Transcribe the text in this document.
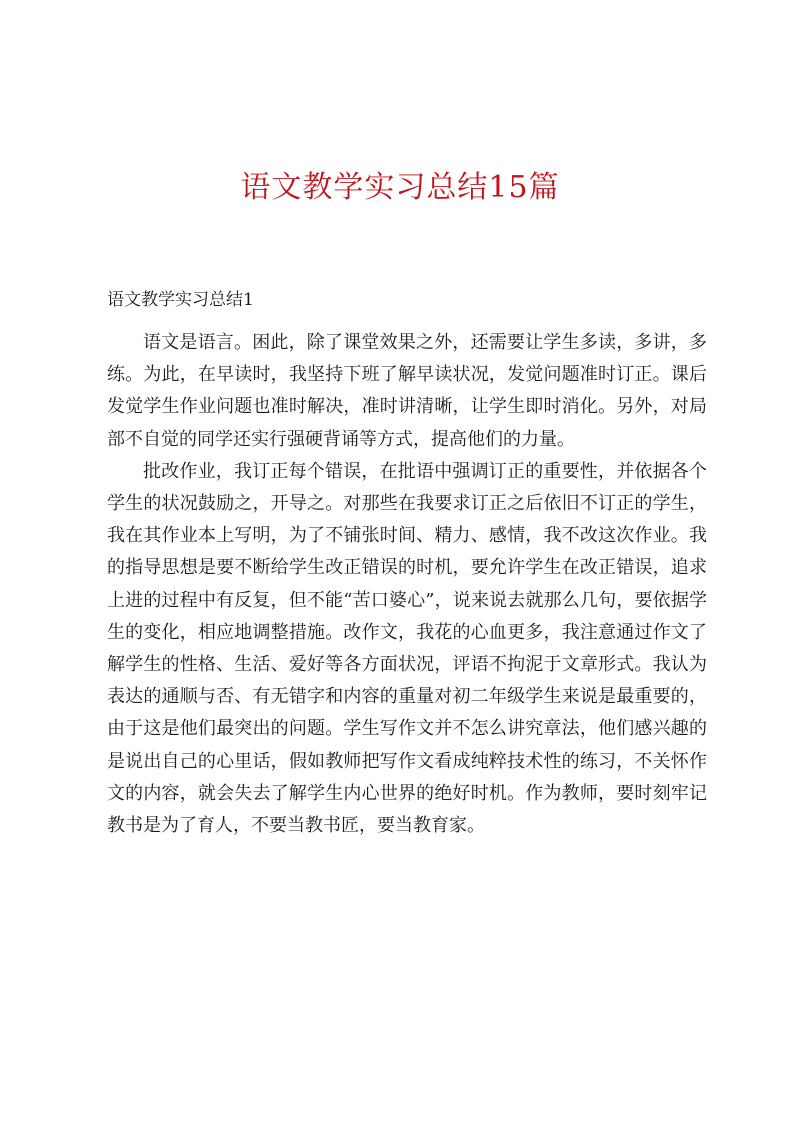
语文教学实习总结15篇
语文教学实习总结1

语文是语言。困此，除了课堂效果之外，还需要让学生多读，多讲，多练。为此，在早读时，我坚持下班了解早读状况，发觉问题准时订正。课后发觉学生作业问题也准时解决，准时讲清晰，让学生即时消化。另外，对局部不自觉的同学还实行强硬背诵等方式，提高他们的力量。

批改作业，我订正每个错误，在批语中强调订正的重要性，并依据各个学生的状况鼓励之，开导之。对那些在我要求订正之后依旧不订正的学生，我在其作业本上写明，为了不铺张时间、精力、感情，我不改这次作业。我的指导思想是要不断给学生改正错误的时机，要允许学生在改正错误，追求上进的过程中有反复，但不能“苦口婆心”，说来说去就那么几句，要依据学生的变化，相应地调整措施。改作文，我花的心血更多，我注意通过作文了解学生的性格、生活、爱好等各方面状况，评语不拘泥于文章形式。我认为表达的通顺与否、有无错字和内容的重量对初二年级学生来说是最重要的，由于这是他们最突出的问题。学生写作文并不怎么讲究章法，他们感兴趣的是说出自己的心里话，假如教师把写作文看成纯粹技术性的练习，不关怀作文的内容，就会失去了解学生内心世界的绝好时机。作为教师，要时刻牢记教书是为了育人，不要当教书匠，要当教育家。
